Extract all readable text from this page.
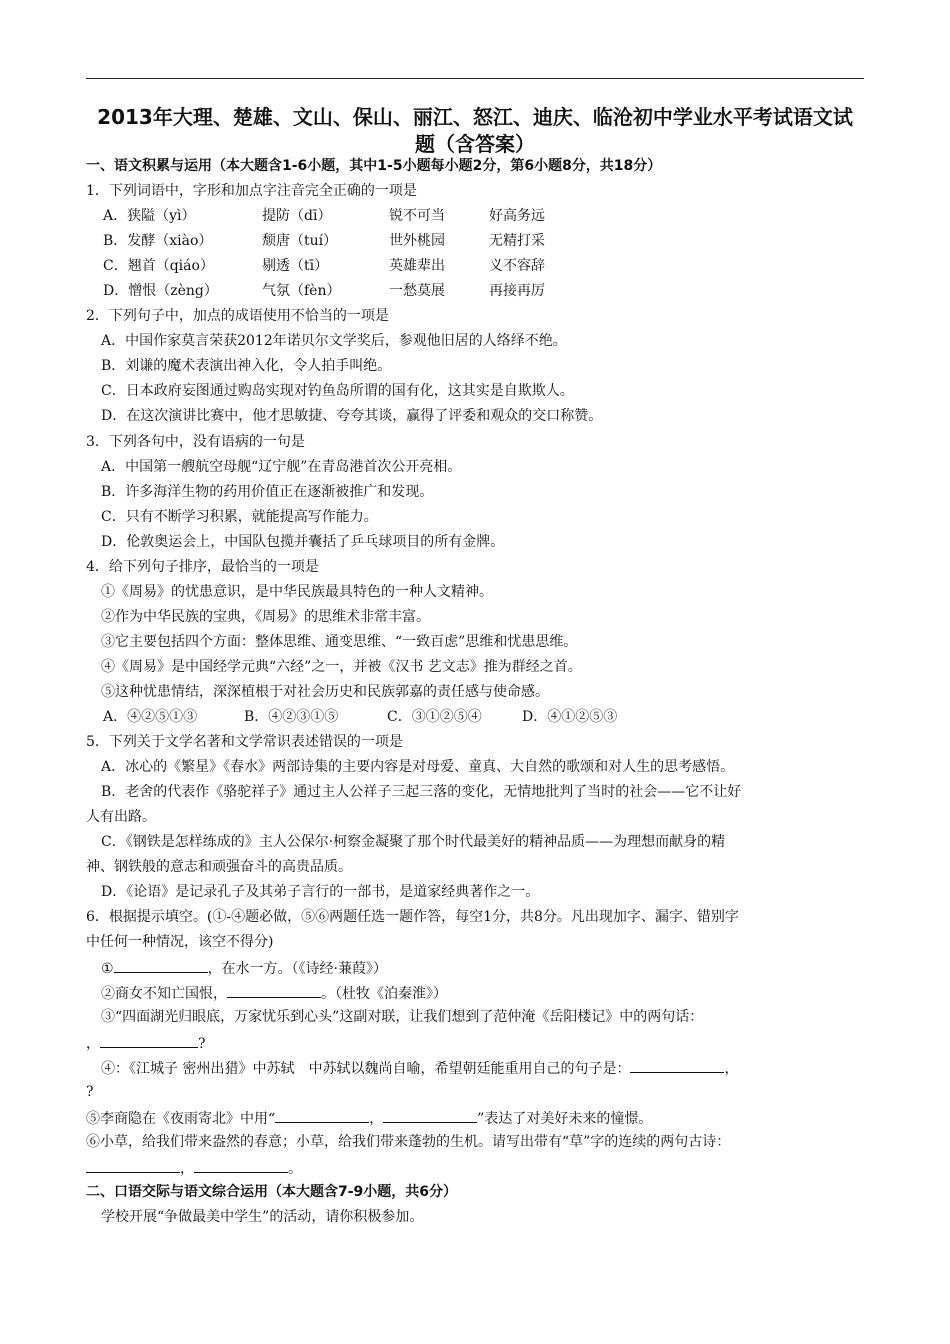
2013年大理、楚雄、文山、保山、丽江、怒江、迪庆、临沧初中学业水平考试语文试
题（含答案）
一、语文积累与运用（本大题含1-6小题，其中1-5小题每小题2分，第6小题8分，共18分）
1．下列词语中，字形和加点字注音完全正确的一项是
A．狭隘（yì）	提防（dī）	锐不可当	好高务远
B．发酵（xiào）	颓唐（tuí）	世外桃园	无精打采
C．翘首（qiáo）	剔透（tī）	英雄辈出	义不容辞
D．憎恨（zèng）	气氛（fèn）	一愁莫展	再接再厉
2．下列句子中，加点的成语使用不恰当的一项是
A．中国作家莫言荣获2012年诺贝尔文学奖后，参观他旧居的人络绎不绝。
B．刘谦的魔术表演出神入化，令人拍手叫绝。
C．日本政府妄图通过购岛实现对钓鱼岛所谓的国有化，这其实是自欺欺人。
D．在这次演讲比赛中，他才思敏捷、夸夸其谈，赢得了评委和观众的交口称赞。
3．下列各句中，没有语病的一句是
A．中国第一艘航空母舰“辽宁舰”在青岛港首次公开亮相。
B．许多海洋生物的药用价值正在逐渐被推广和发现。
C．只有不断学习积累，就能提高写作能力。
D．伦敦奥运会上，中国队包揽并囊括了乒乓球项目的所有金牌。
4．给下列句子排序，最恰当的一项是
①《周易》的忧患意识，是中华民族最具特色的一种人文精神。
②作为中华民族的宝典，《周易》的思维术非常丰富。
③它主要包括四个方面：整体思维、通变思维、“一致百虑”思维和忧患思维。
④《周易》是中国经学元典“六经”之一，并被《汉书 艺文志》推为群经之首。
⑤这种忧患情结，深深植根于对社会历史和民族郭嘉的责任感与使命感。
A．④②⑤①③	B．④②③①⑤	C．③①②⑤④	D．④①②⑤③
5．下列关于文学名著和文学常识表述错误的一项是
A．冰心的《繁星》《春水》两部诗集的主要内容是对母爱、童真、大自然的歌颂和对人生的思考感悟。
B．老舍的代表作《骆驼祥子》通过主人公祥子三起三落的变化，无情地批判了当时的社会——它不让好
人有出路。
C．《钢铁是怎样练成的》主人公保尔·柯察金凝聚了那个时代最美好的精神品质——为理想而献身的精
神、钢铁般的意志和顽强奋斗的高贵品质。
D．《论语》是记录孔子及其弟子言行的一部书，是道家经典著作之一。
6．根据提示填空。(①-④题必做，⑤⑥两题任选一题作答，每空1分，共8分。凡出现加字、漏字、错别字
中任何一种情况，该空不得分)
①	，在水一方。（《诗经·蒹葭》）
②商女不知亡国恨，	。（杜牧《泊秦淮》）
③“四面湖光归眼底，万家忧乐到心头”这副对联，让我们想到了范仲淹《岳阳楼记》中的两句话：
，	?
④：《江城子 密州出猎》中苏轼　中苏轼以魏尚自喻，希望朝廷能重用自己的句子是：	，
?
⑤李商隐在《夜雨寄北》中用“	，	”表达了对美好未来的憧憬。
⑥小草，给我们带来盎然的春意；小草，给我们带来蓬勃的生机。请写出带有“草”字的连续的两句古诗：
，	。
二、口语交际与语文综合运用（本大题含7-9小题，共6分）
学校开展“争做最美中学生”的活动，请你积极参加。
